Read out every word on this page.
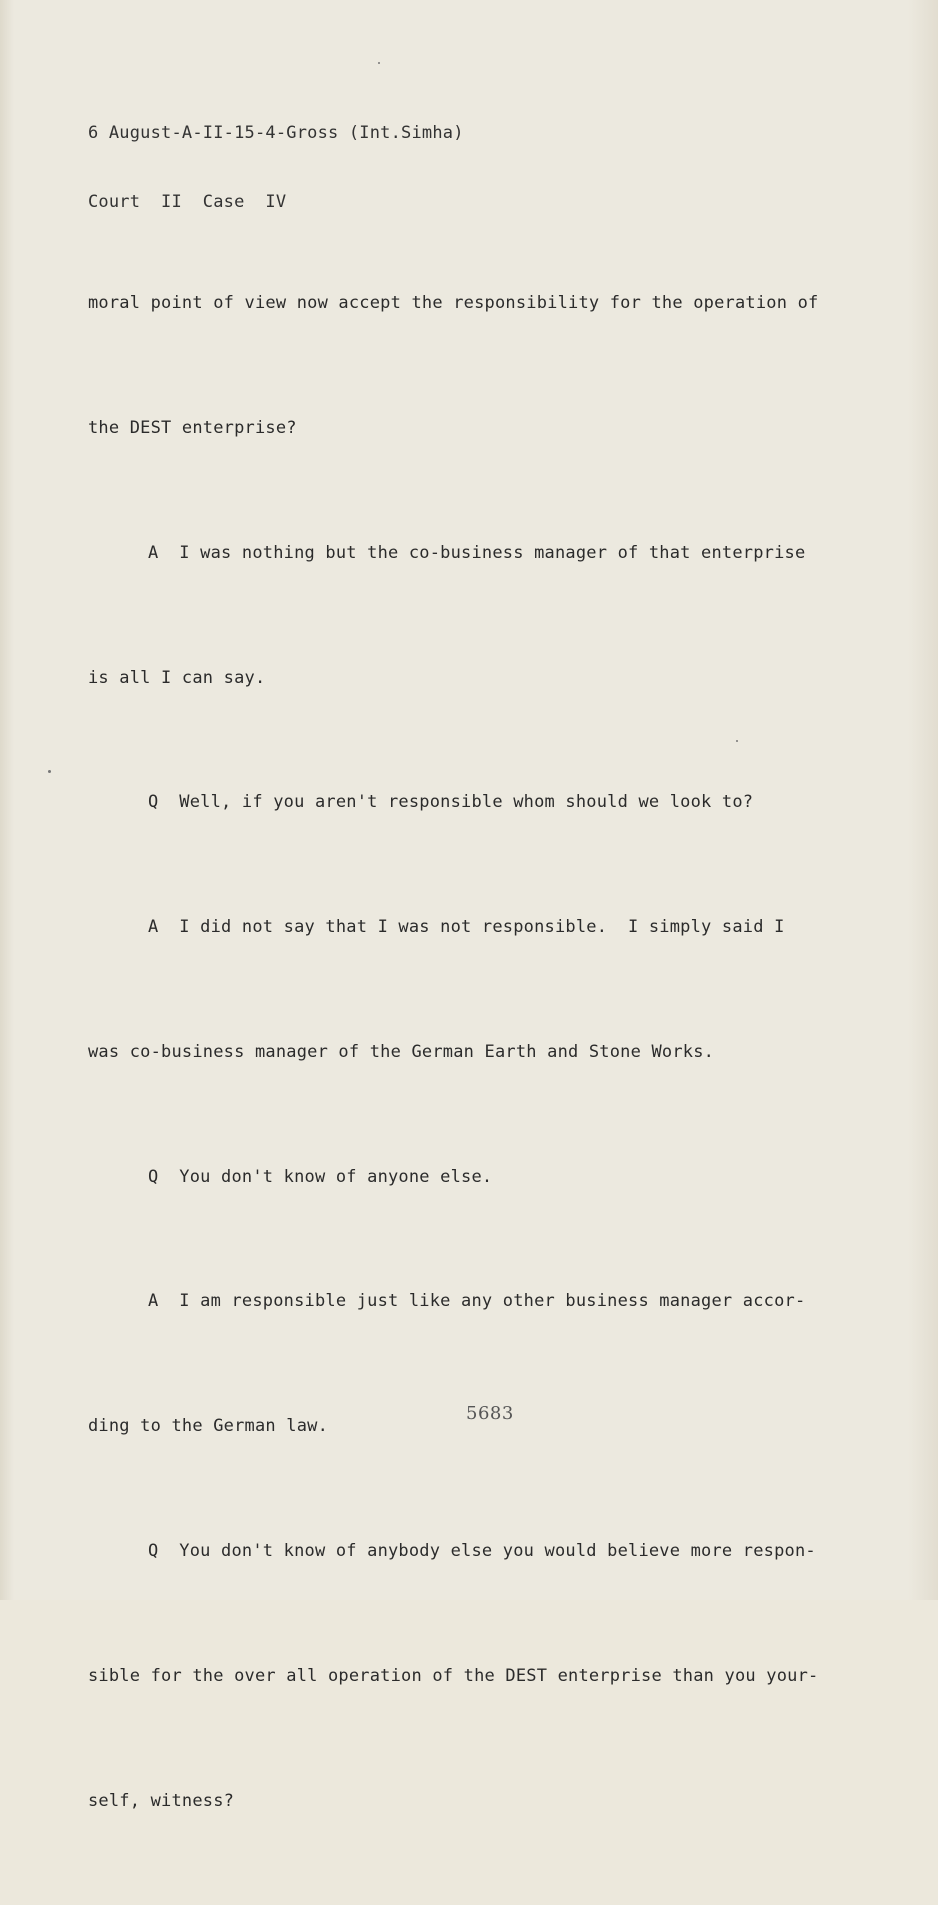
6 August-A-II-15-4-Gross (Int.Simha)

Court  II  Case  IV

moral point of view now accept the responsibility for the operation of

the DEST enterprise?

A  I was nothing but the co-business manager of that enterprise

is all I can say.

Q  Well, if you aren't responsible whom should we look to?

A  I did not say that I was not responsible.  I simply said I

was co-business manager of the German Earth and Stone Works.

Q  You don't know of anyone else.

A  I am responsible just like any other business manager accor-

ding to the German law.

Q  You don't know of anybody else you would believe more respon-

sible for the over all operation of the DEST enterprise than you your-

self, witness?

5683
